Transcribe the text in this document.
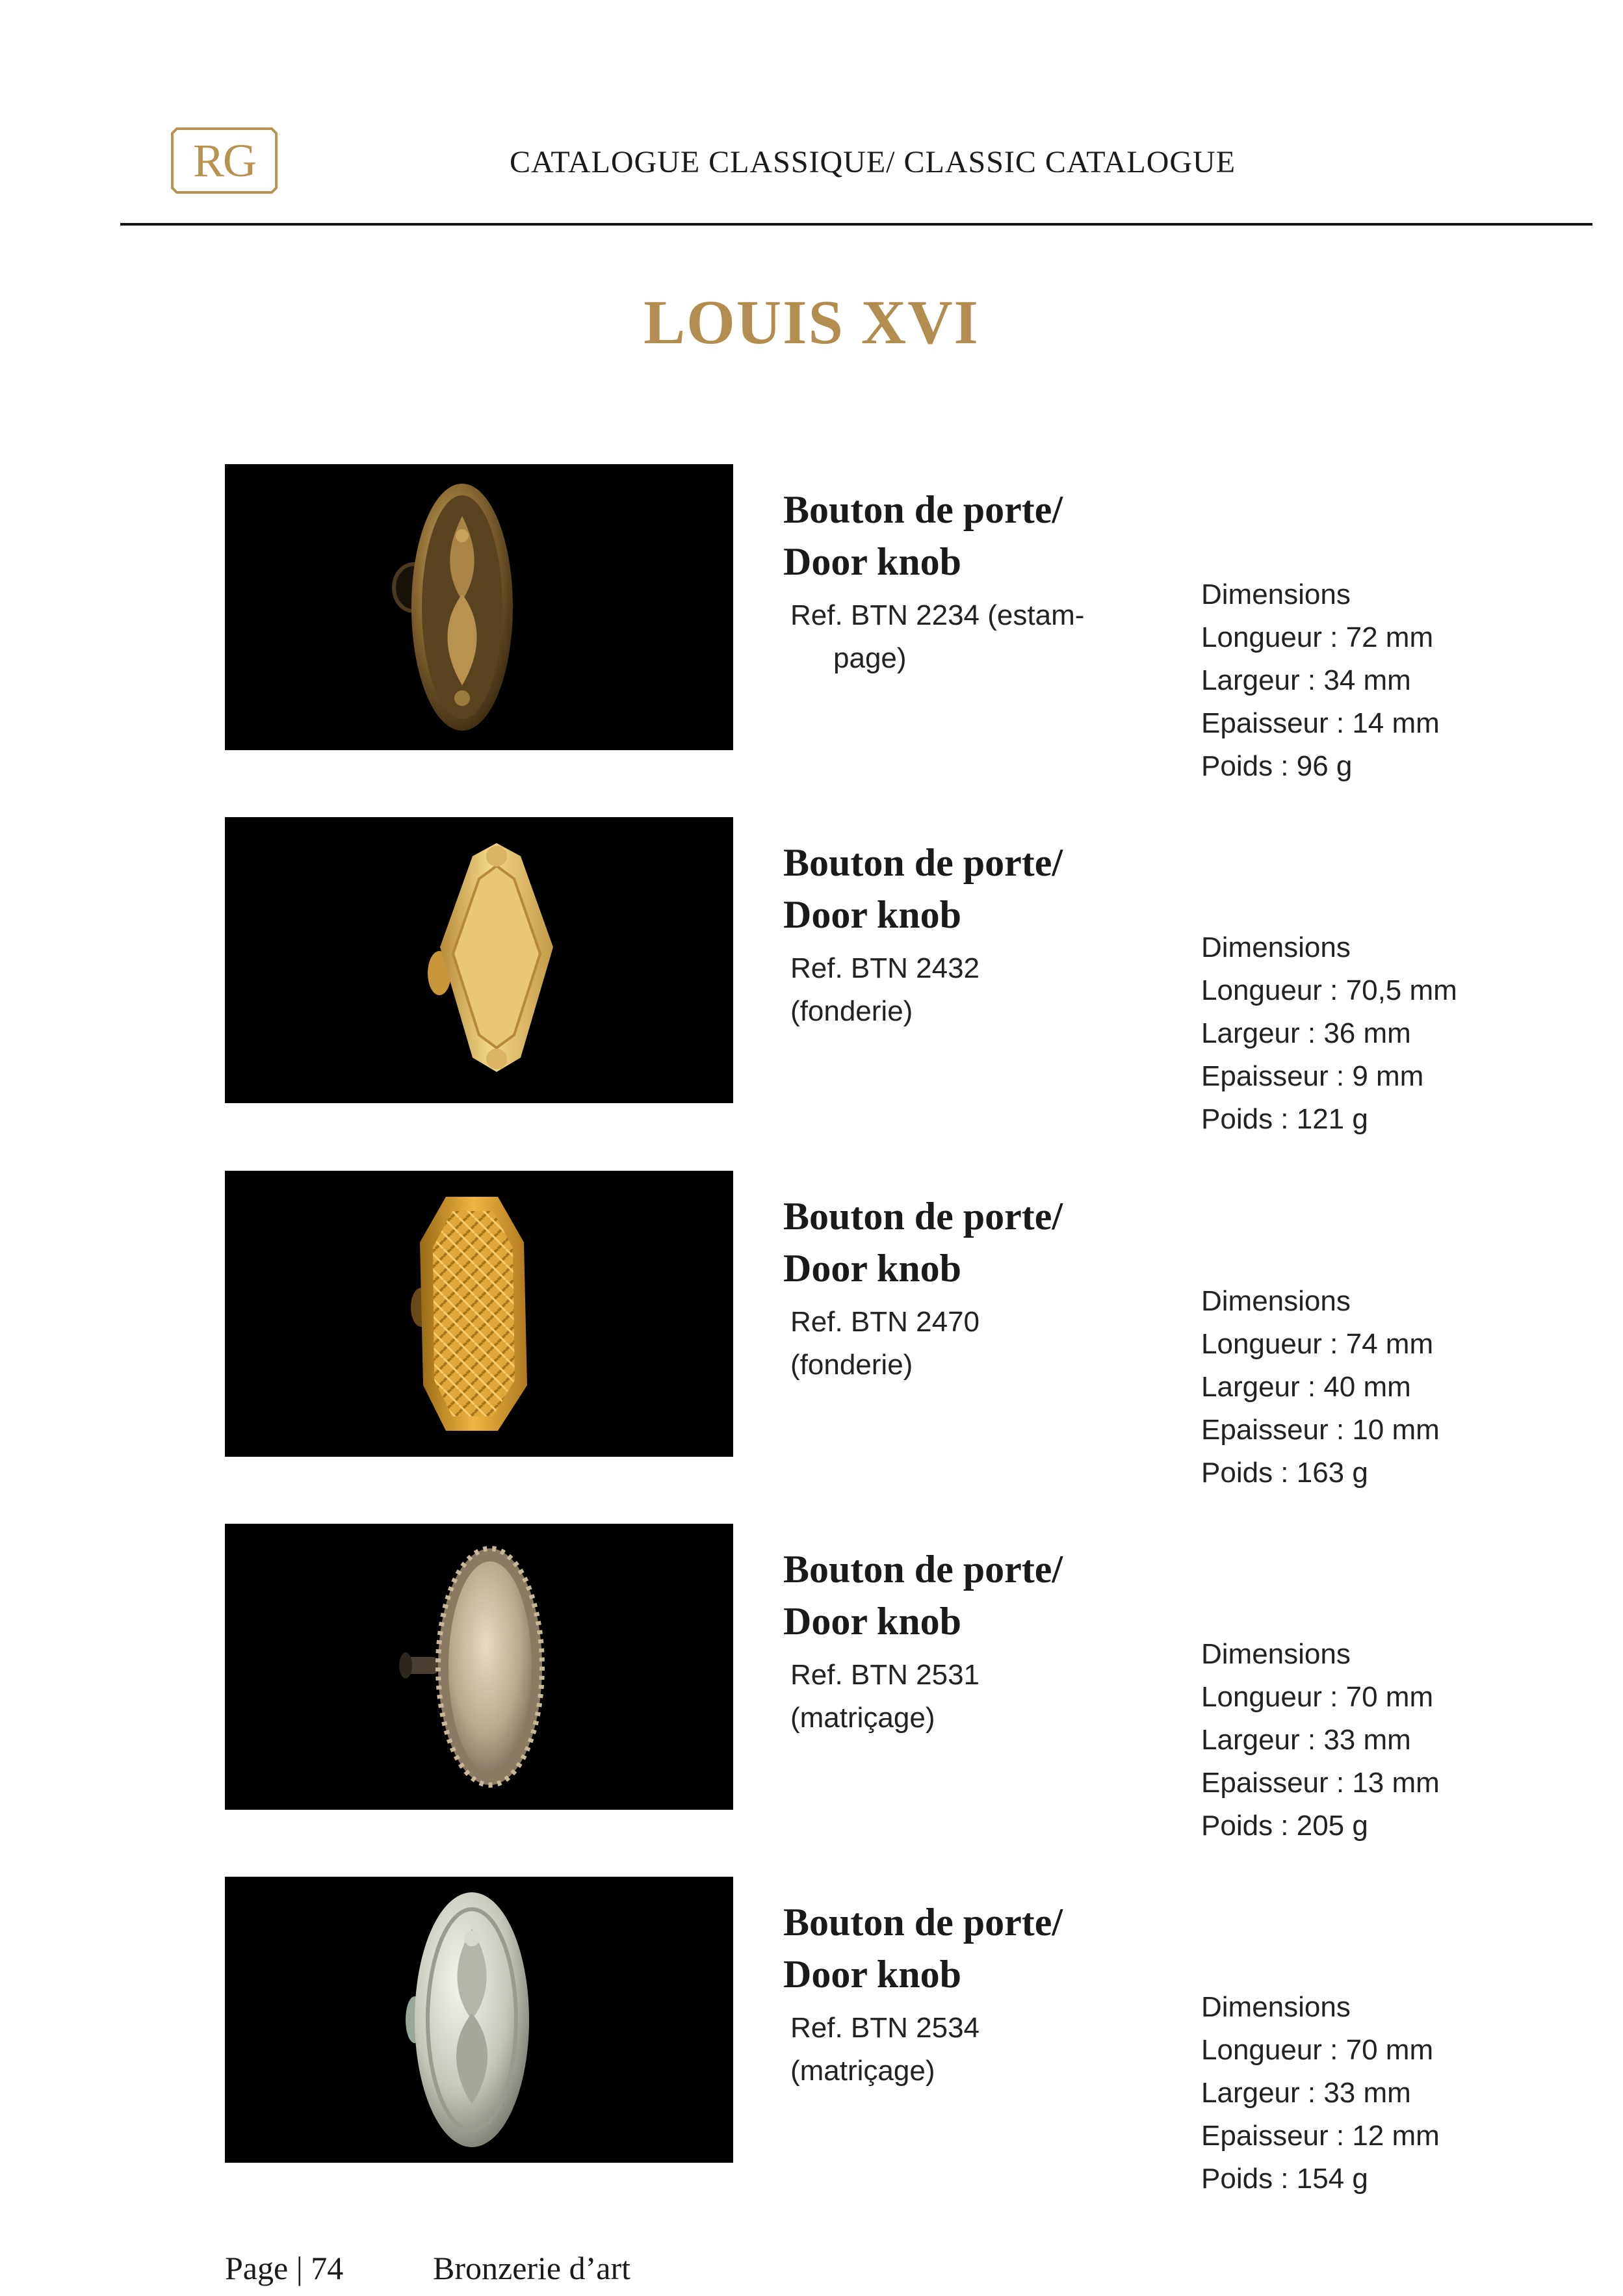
RG	CATALOGUE CLASSIQUE/ CLASSIC CATALOGUE
LOUIS XVI
Bouton de porte/
Door knob
Ref. BTN 2234 (estam-
page)
Dimensions
Longueur : 72 mm
Largeur : 34 mm
Epaisseur : 14 mm
Poids : 96 g
Bouton de porte/
Door knob
Ref. BTN 2432 (fonderie)
Dimensions
Longueur : 70,5 mm
Largeur : 36 mm
Epaisseur : 9 mm
Poids : 121 g
Bouton de porte/
Door knob
Ref. BTN 2470 (fonderie)
Dimensions
Longueur : 74 mm
Largeur : 40 mm
Epaisseur : 10 mm
Poids : 163 g
Bouton de porte/
Door knob
Ref. BTN 2531 (matriçage)
Dimensions
Longueur : 70 mm
Largeur : 33 mm
Epaisseur : 13 mm
Poids : 205 g
Bouton de porte/
Door knob
Ref. BTN 2534 (matriçage)
Dimensions
Longueur : 70 mm
Largeur : 33 mm
Epaisseur : 12 mm
Poids : 154 g
Page | 74	Bronzerie d’art
